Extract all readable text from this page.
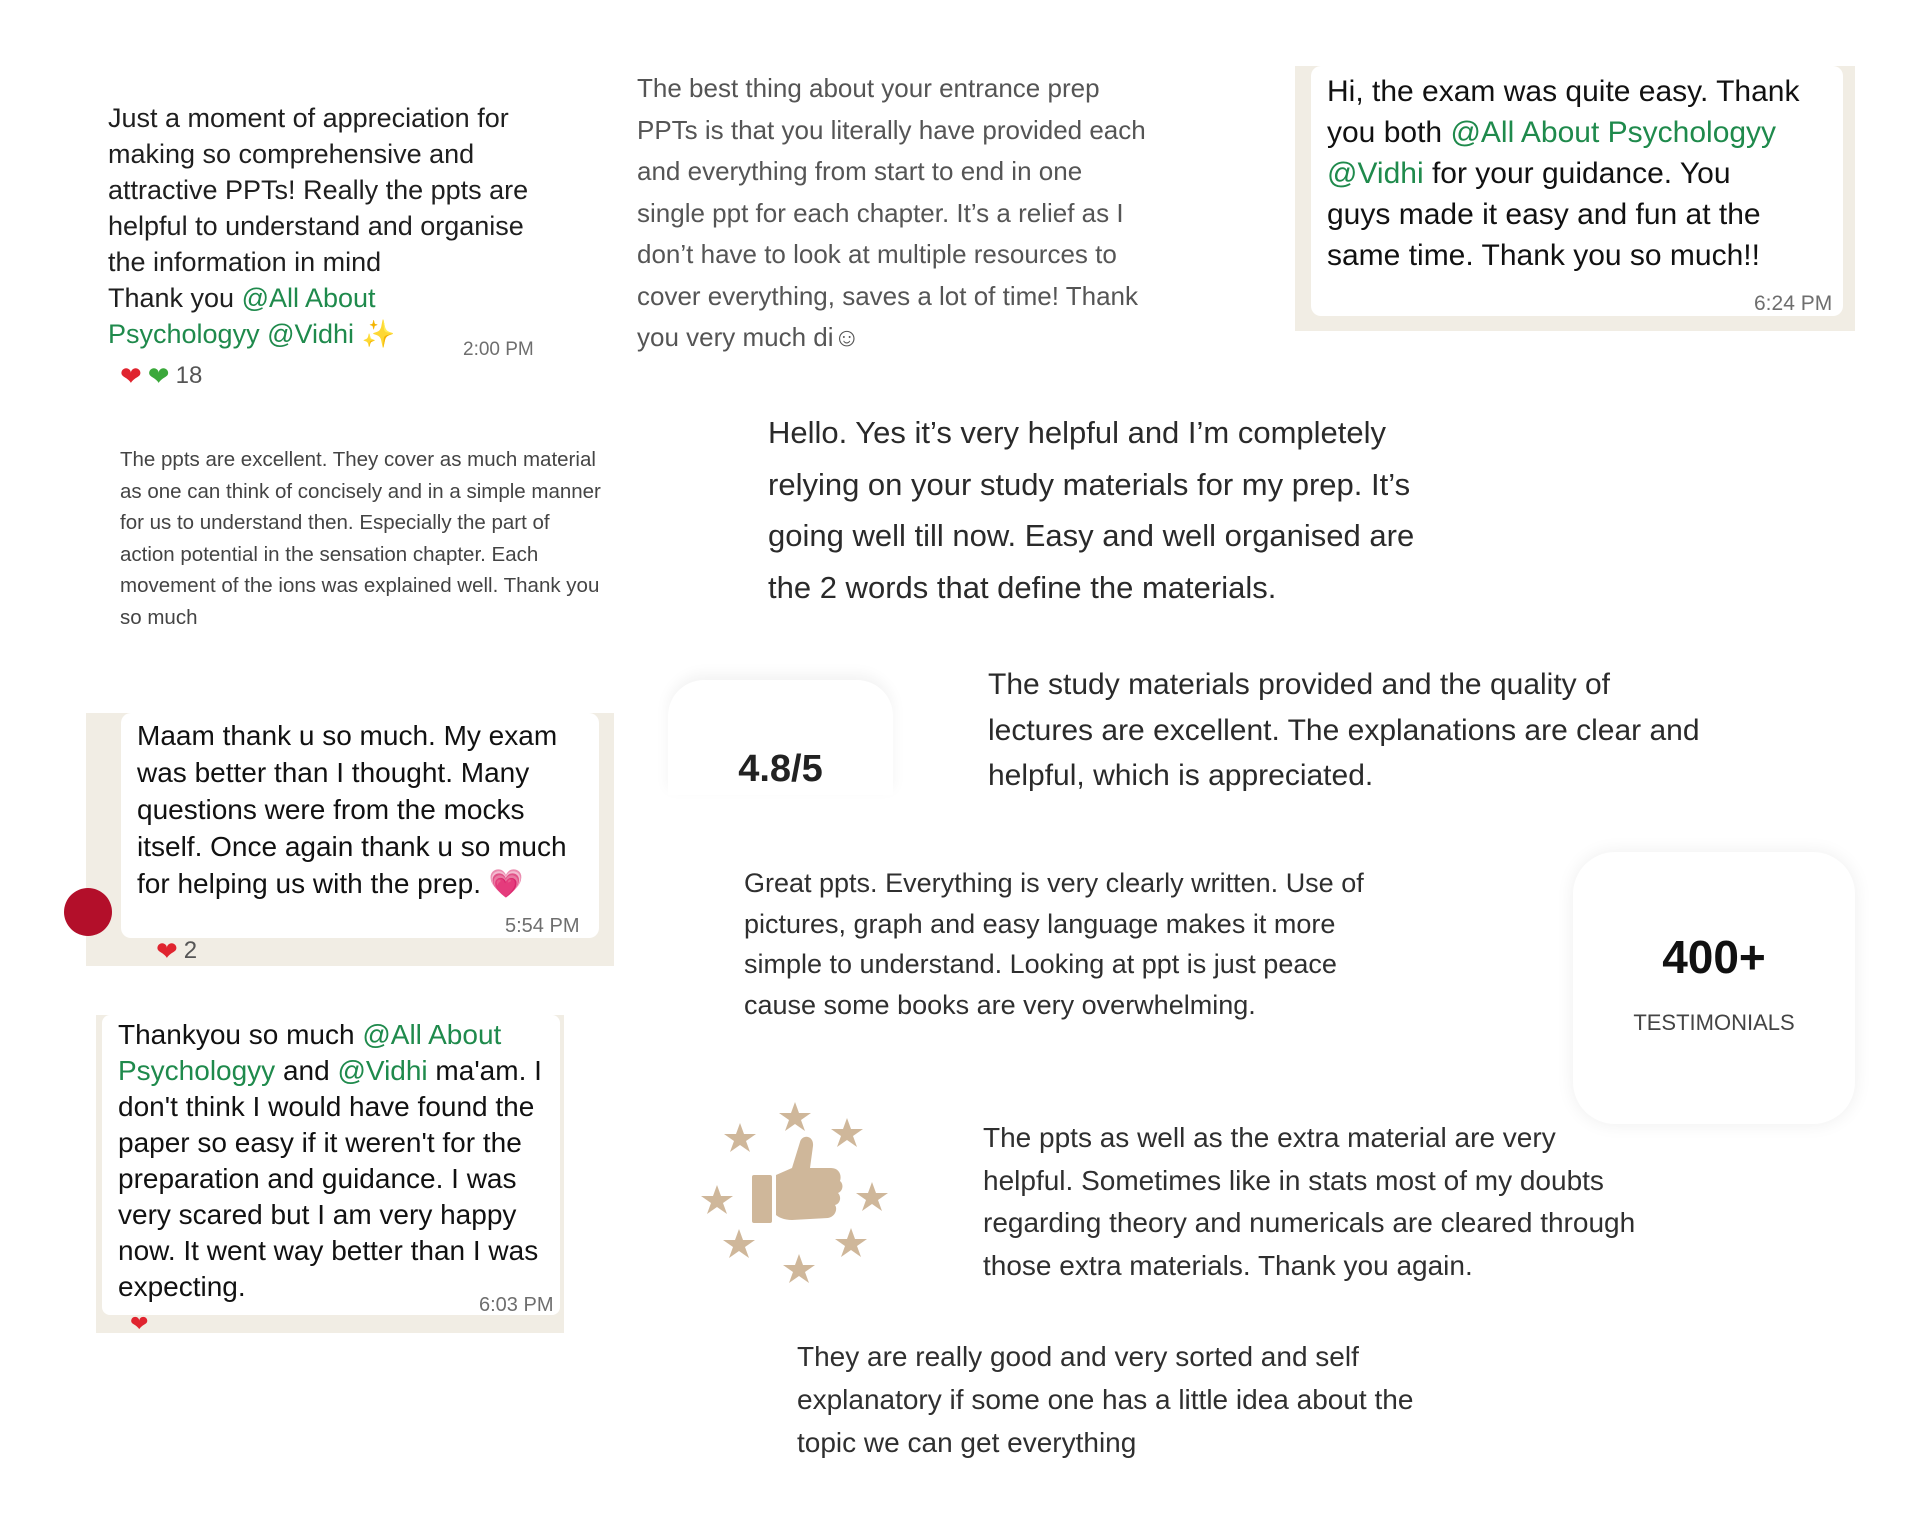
Just a moment of appreciation for
making so comprehensive and
attractive PPTs! Really the ppts are
helpful to understand and organise
the information in mind
Thank you @All About
Psychologyy @Vidhi ✨
2:00 PM
❤ ❤ 18
The best thing about your entrance prep
PPTs is that you literally have provided each
and everything from start to end in one
single ppt for each chapter. It’s a relief as I
don’t have to look at multiple resources to
cover everything, saves a lot of time! Thank
you very much di☺
Hi, the exam was quite easy. Thank
you both @All About Psychologyy
@Vidhi for your guidance. You
guys made it easy and fun at the
same time. Thank you so much!!
6:24 PM
The ppts are excellent. They cover as much material
as one can think of concisely and in a simple manner
for us to understand then. Especially the part of
action potential in the sensation chapter. Each
movement of the ions was explained well. Thank you
so much
Hello. Yes it’s very helpful and I’m completely
relying on your study materials for my prep. It’s
going well till now. Easy and well organised are
the 2 words that define the materials.
Maam thank u so much. My exam
was better than I thought. Many
questions were from the mocks
itself. Once again thank u so much
for helping us with the prep. 💗
5:54 PM
❤ 2
4.8/5
The study materials provided and the quality of
lectures are excellent. The explanations are clear and
helpful, which is appreciated.
Great ppts. Everything is very clearly written. Use of
pictures, graph and easy language makes it more
simple to understand. Looking at ppt is just peace
cause some books are very overwhelming.
400+
TESTIMONIALS
Thankyou so much @All About
Psychologyy and @Vidhi ma'am. I
don't think I would have found the
paper so easy if it weren't for the
preparation and guidance. I was
very scared but I am very happy
now. It went way better than I was
expecting.
6:03 PM
❤
The ppts as well as the extra material are very
helpful. Sometimes like in stats most of my doubts
regarding theory and numericals are cleared through
those extra materials. Thank you again.
They are really good and very sorted and self
explanatory if some one has a little idea about the
topic we can get everything
